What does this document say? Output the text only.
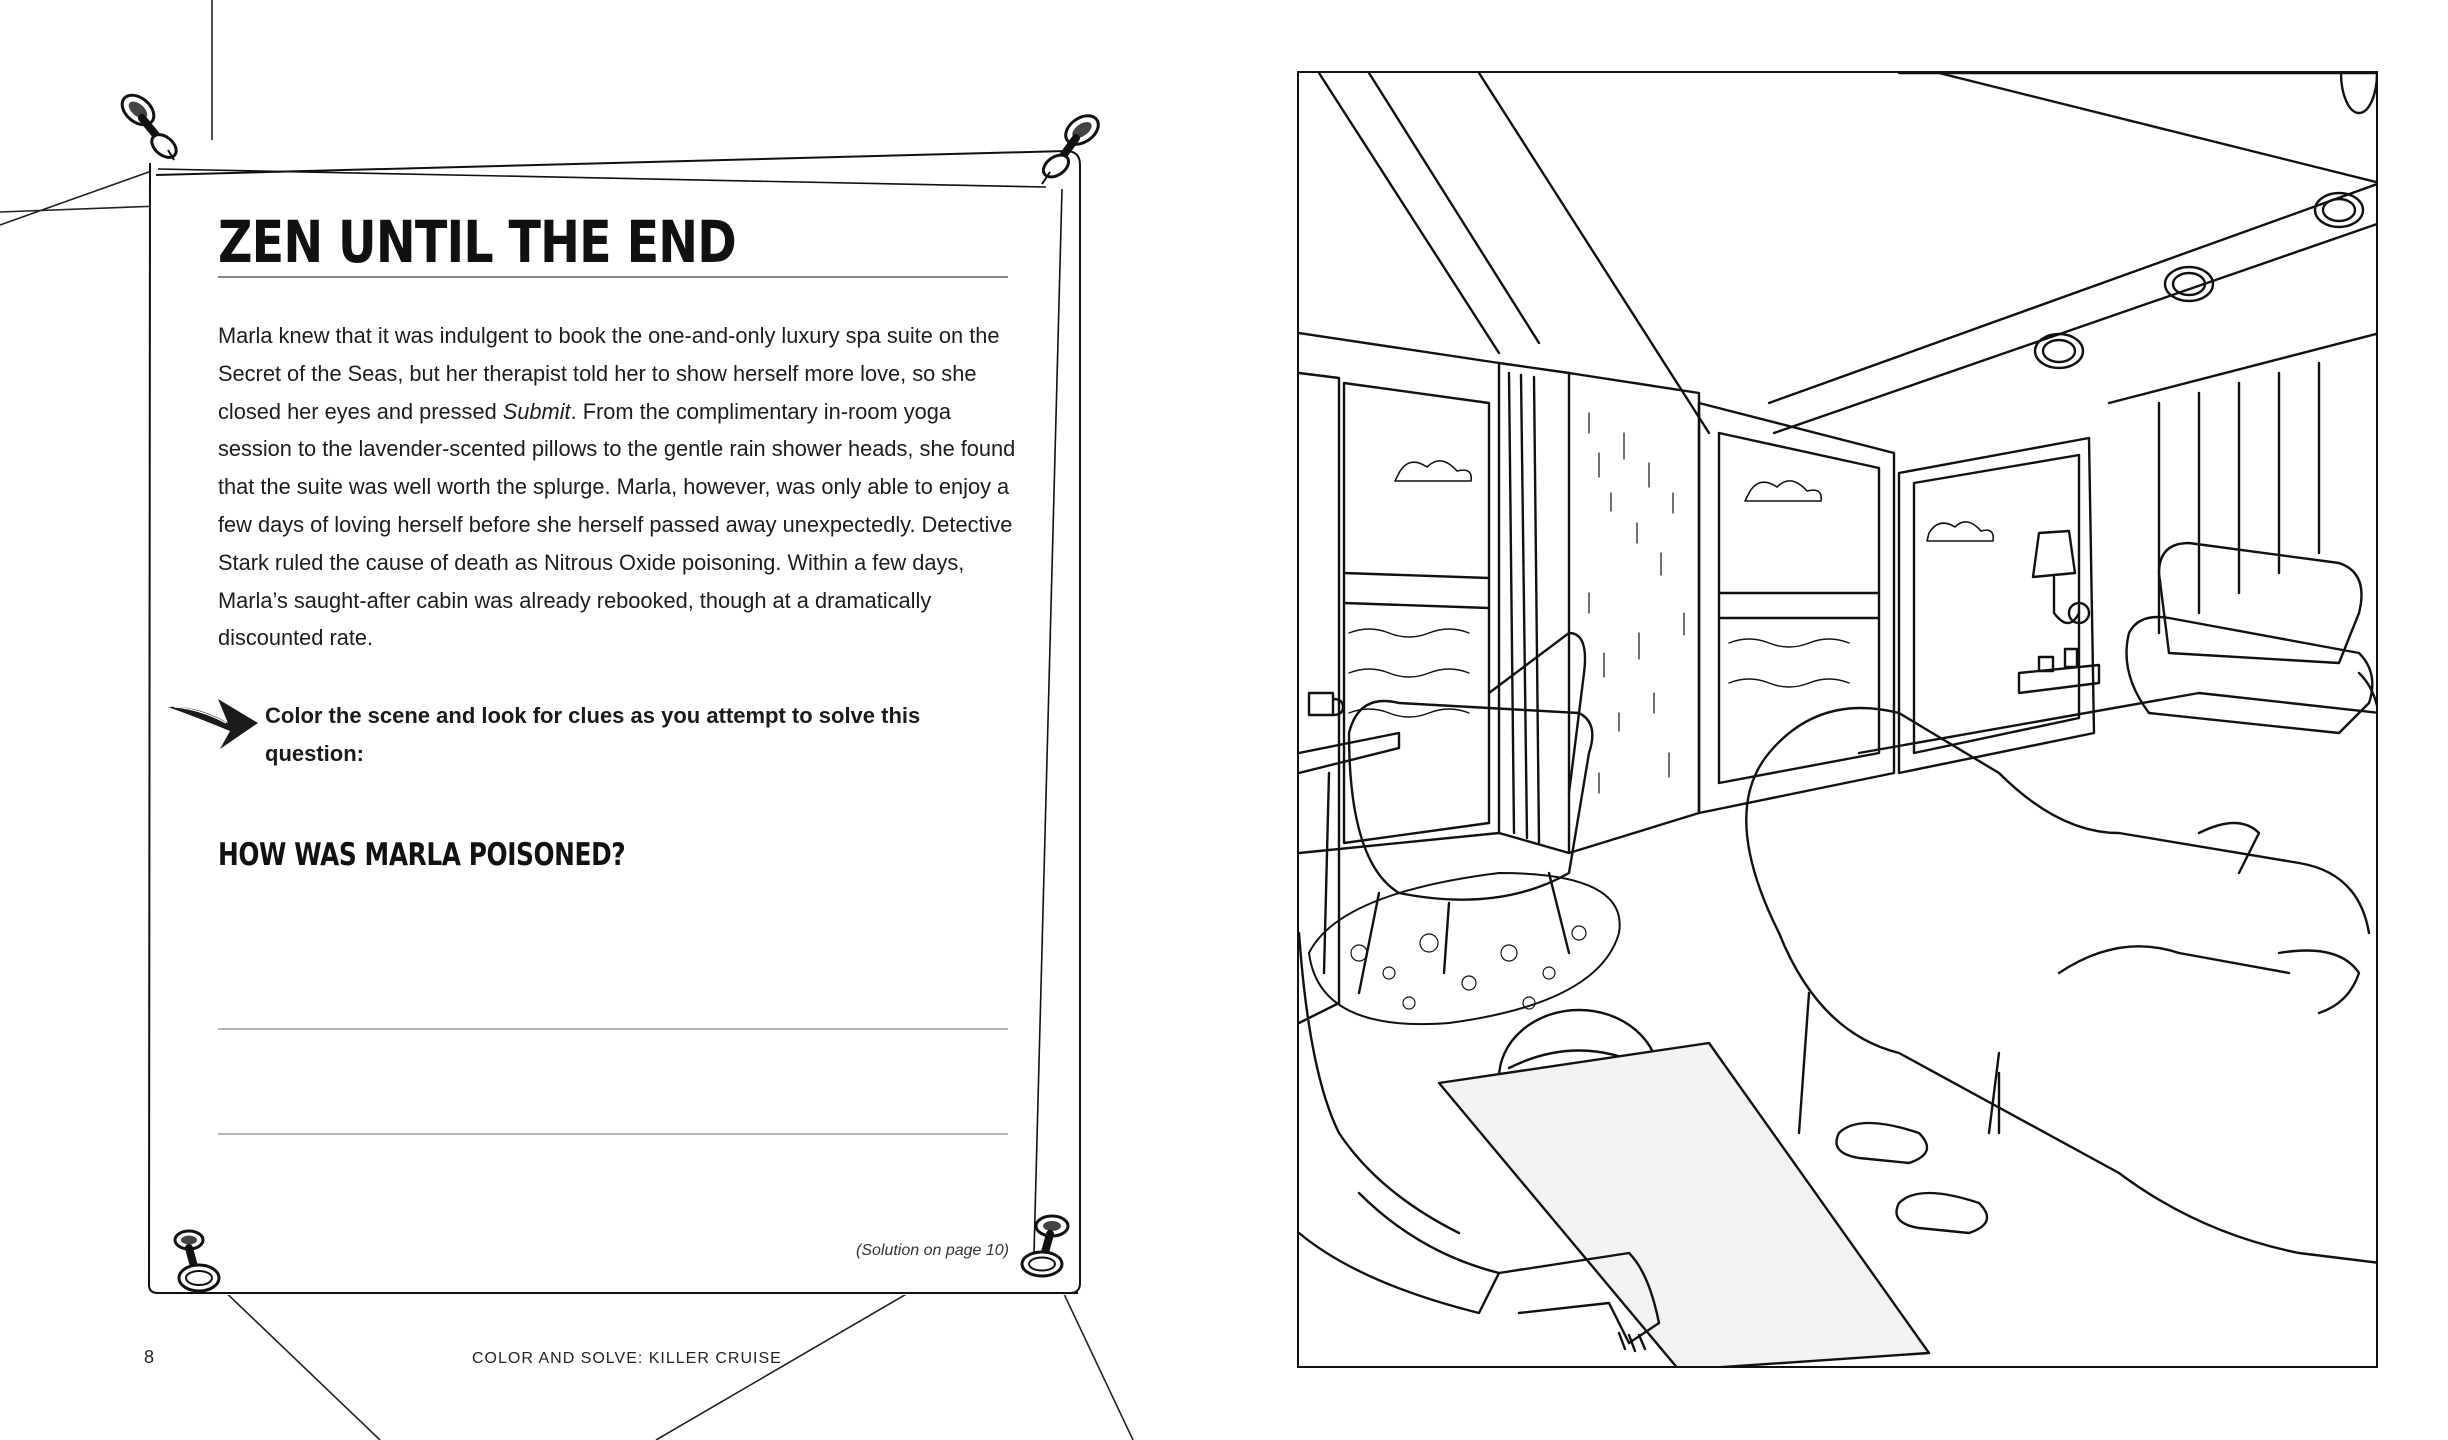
ZEN UNTIL THE END

Marla knew that it was indulgent to book the one-and-only luxury spa suite on the Secret of the Seas, but her therapist told her to show herself more love, so she closed her eyes and pressed Submit. From the complimentary in-room yoga session to the lavender-scented pillows to the gentle rain shower heads, she found that the suite was well worth the splurge. Marla, however, was only able to enjoy a few days of loving herself before she herself passed away unexpectedly. Detective Stark ruled the cause of death as Nitrous Oxide poisoning. Within a few days, Marla’s saught-after cabin was already rebooked, though at a dramatically discounted rate.

Color the scene and look for clues as you attempt to solve this question:
HOW WAS MARLA POISONED?
(Solution on page 10)
8	COLOR AND SOLVE: KILLER CRUISE
